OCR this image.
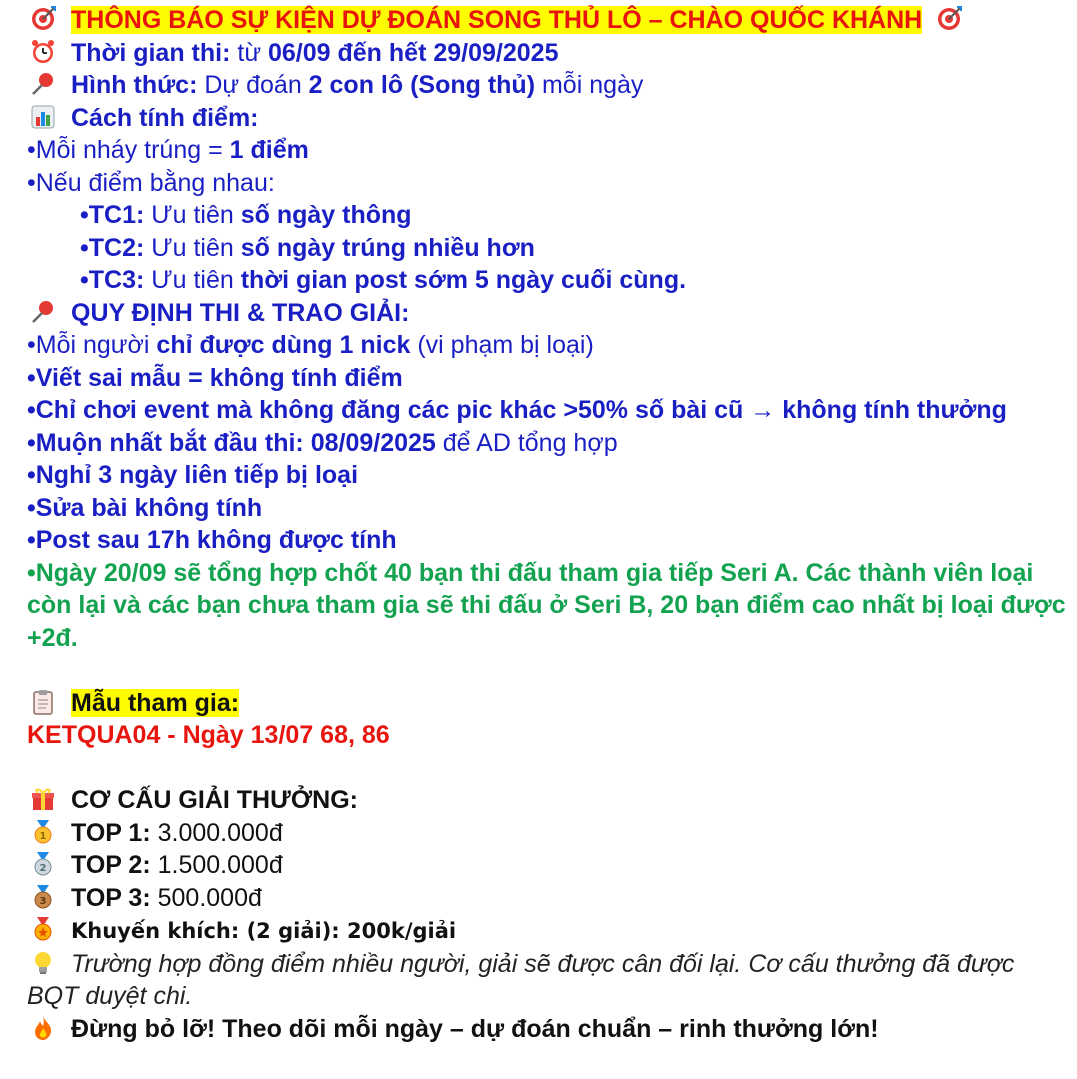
THÔNG BÁO SỰ KIỆN DỰ ĐOÁN SONG THỦ LÔ – CHÀO QUỐC KHÁNH
Thời gian thi: từ 06/09 đến hết 29/09/2025
Hình thức: Dự đoán 2 con lô (Song thủ) mỗi ngày
Cách tính điểm:
•Mỗi nháy trúng = 1 điểm
•Nếu điểm bằng nhau:
•TC1: Ưu tiên số ngày thông
•TC2: Ưu tiên số ngày trúng nhiều hơn
•TC3: Ưu tiên thời gian post sớm 5 ngày cuối cùng.
QUY ĐỊNH THI & TRAO GIẢI:
•Mỗi người chỉ được dùng 1 nick (vi phạm bị loại)
•Viết sai mẫu = không tính điểm
•Chỉ chơi event mà không đăng các pic khác >50% số bài cũ → không tính thưởng
•Muộn nhất bắt đầu thi: 08/09/2025 để AD tổng hợp
•Nghỉ 3 ngày liên tiếp bị loại
•Sửa bài không tính
•Post sau 17h không được tính
•Ngày 20/09 sẽ tổng hợp chốt 40 bạn thi đấu tham gia tiếp Seri A. Các thành viên loại còn lại và các bạn chưa tham gia sẽ thi đấu ở Seri B, 20 bạn điểm cao nhất bị loại được +2đ.
Mẫu tham gia:
KETQUA04 - Ngày 13/07 68, 86
CƠ CẤU GIẢI THƯỞNG:
1 TOP 1: 3.000.000đ
2 TOP 2: 1.500.000đ
3 TOP 3: 500.000đ
Khuyến khích: (2 giải): 200k/giải
Trường hợp đồng điểm nhiều người, giải sẽ được cân đối lại. Cơ cấu thưởng đã được BQT duyệt chi.
Đừng bỏ lỡ! Theo dõi mỗi ngày – dự đoán chuẩn – rinh thưởng lớn!
